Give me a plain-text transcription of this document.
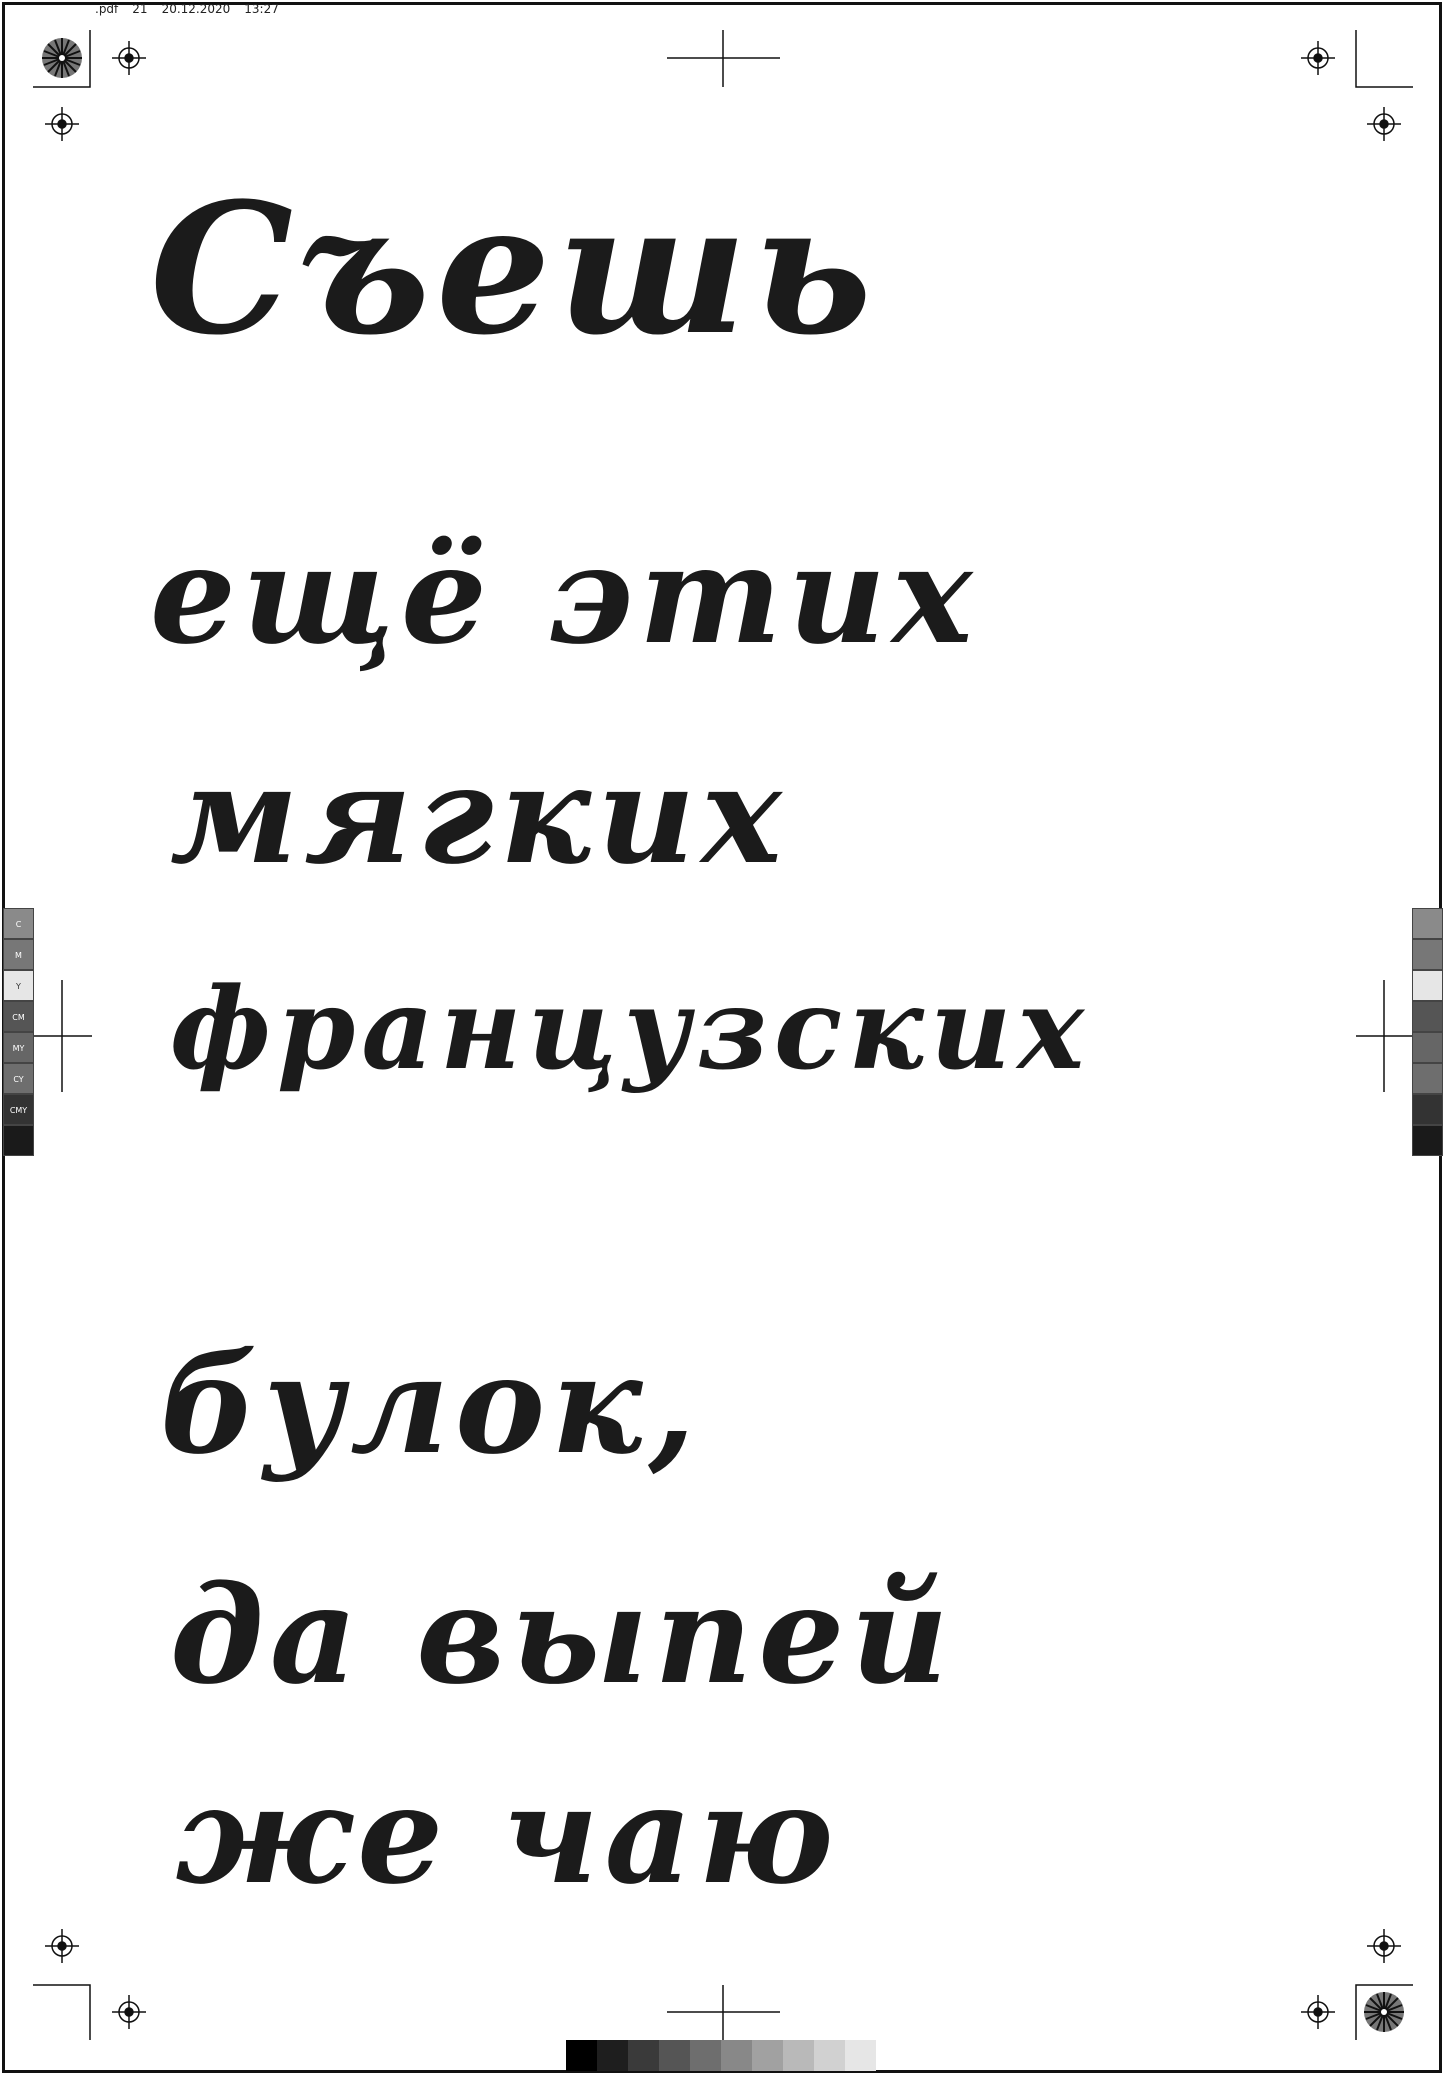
.pdf 21 20.12.2020 13:27
C
M
Y
CM
MY
CY
CMY
Съешь
ещё этих
мягких
французских
булок,
да выпей
же чаю
